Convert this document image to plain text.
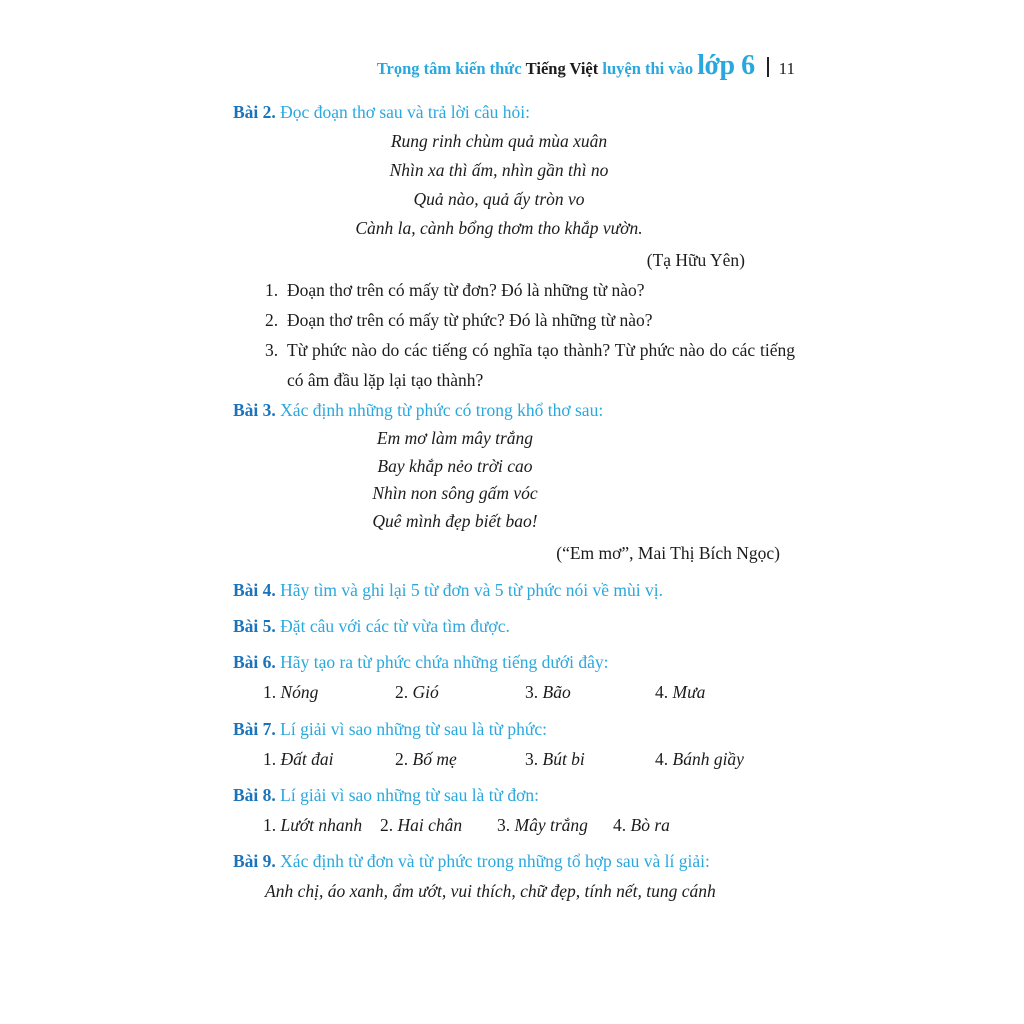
Trọng tâm kiến thức Tiếng Việt luyện thi vào lớp 6 11
Bài 2. Đọc đoạn thơ sau và trả lời câu hỏi:
Rung rinh chùm quả mùa xuân
Nhìn xa thì ấm, nhìn gần thì no
Quả nào, quả ấy tròn vo
Cành la, cành bổng thơm tho khắp vườn.
(Tạ Hữu Yên)
1. Đoạn thơ trên có mấy từ đơn? Đó là những từ nào?
2. Đoạn thơ trên có mấy từ phức? Đó là những từ nào?
3. Từ phức nào do các tiếng có nghĩa tạo thành? Từ phức nào do các tiếng có âm đầu lặp lại tạo thành?
Bài 3. Xác định những từ phức có trong khổ thơ sau:
Em mơ làm mây trắng
Bay khắp nẻo trời cao
Nhìn non sông gấm vóc
Quê mình đẹp biết bao!
(“Em mơ”, Mai Thị Bích Ngọc)
Bài 4. Hãy tìm và ghi lại 5 từ đơn và 5 từ phức nói về mùi vị.
Bài 5. Đặt câu với các từ vừa tìm được.
Bài 6. Hãy tạo ra từ phức chứa những tiếng dưới đây:
1. Nóng	2. Gió	3. Bão	4. Mưa
Bài 7. Lí giải vì sao những từ sau là từ phức:
1. Đất đai	2. Bố mẹ	3. Bút bi	4. Bánh giầy
Bài 8. Lí giải vì sao những từ sau là từ đơn:
1. Lướt nhanh	2. Hai chân	3. Mây trắng	4. Bò ra
Bài 9. Xác định từ đơn và từ phức trong những tổ hợp sau và lí giải:
Anh chị, áo xanh, ẩm ướt, vui thích, chữ đẹp, tính nết, tung cánh
